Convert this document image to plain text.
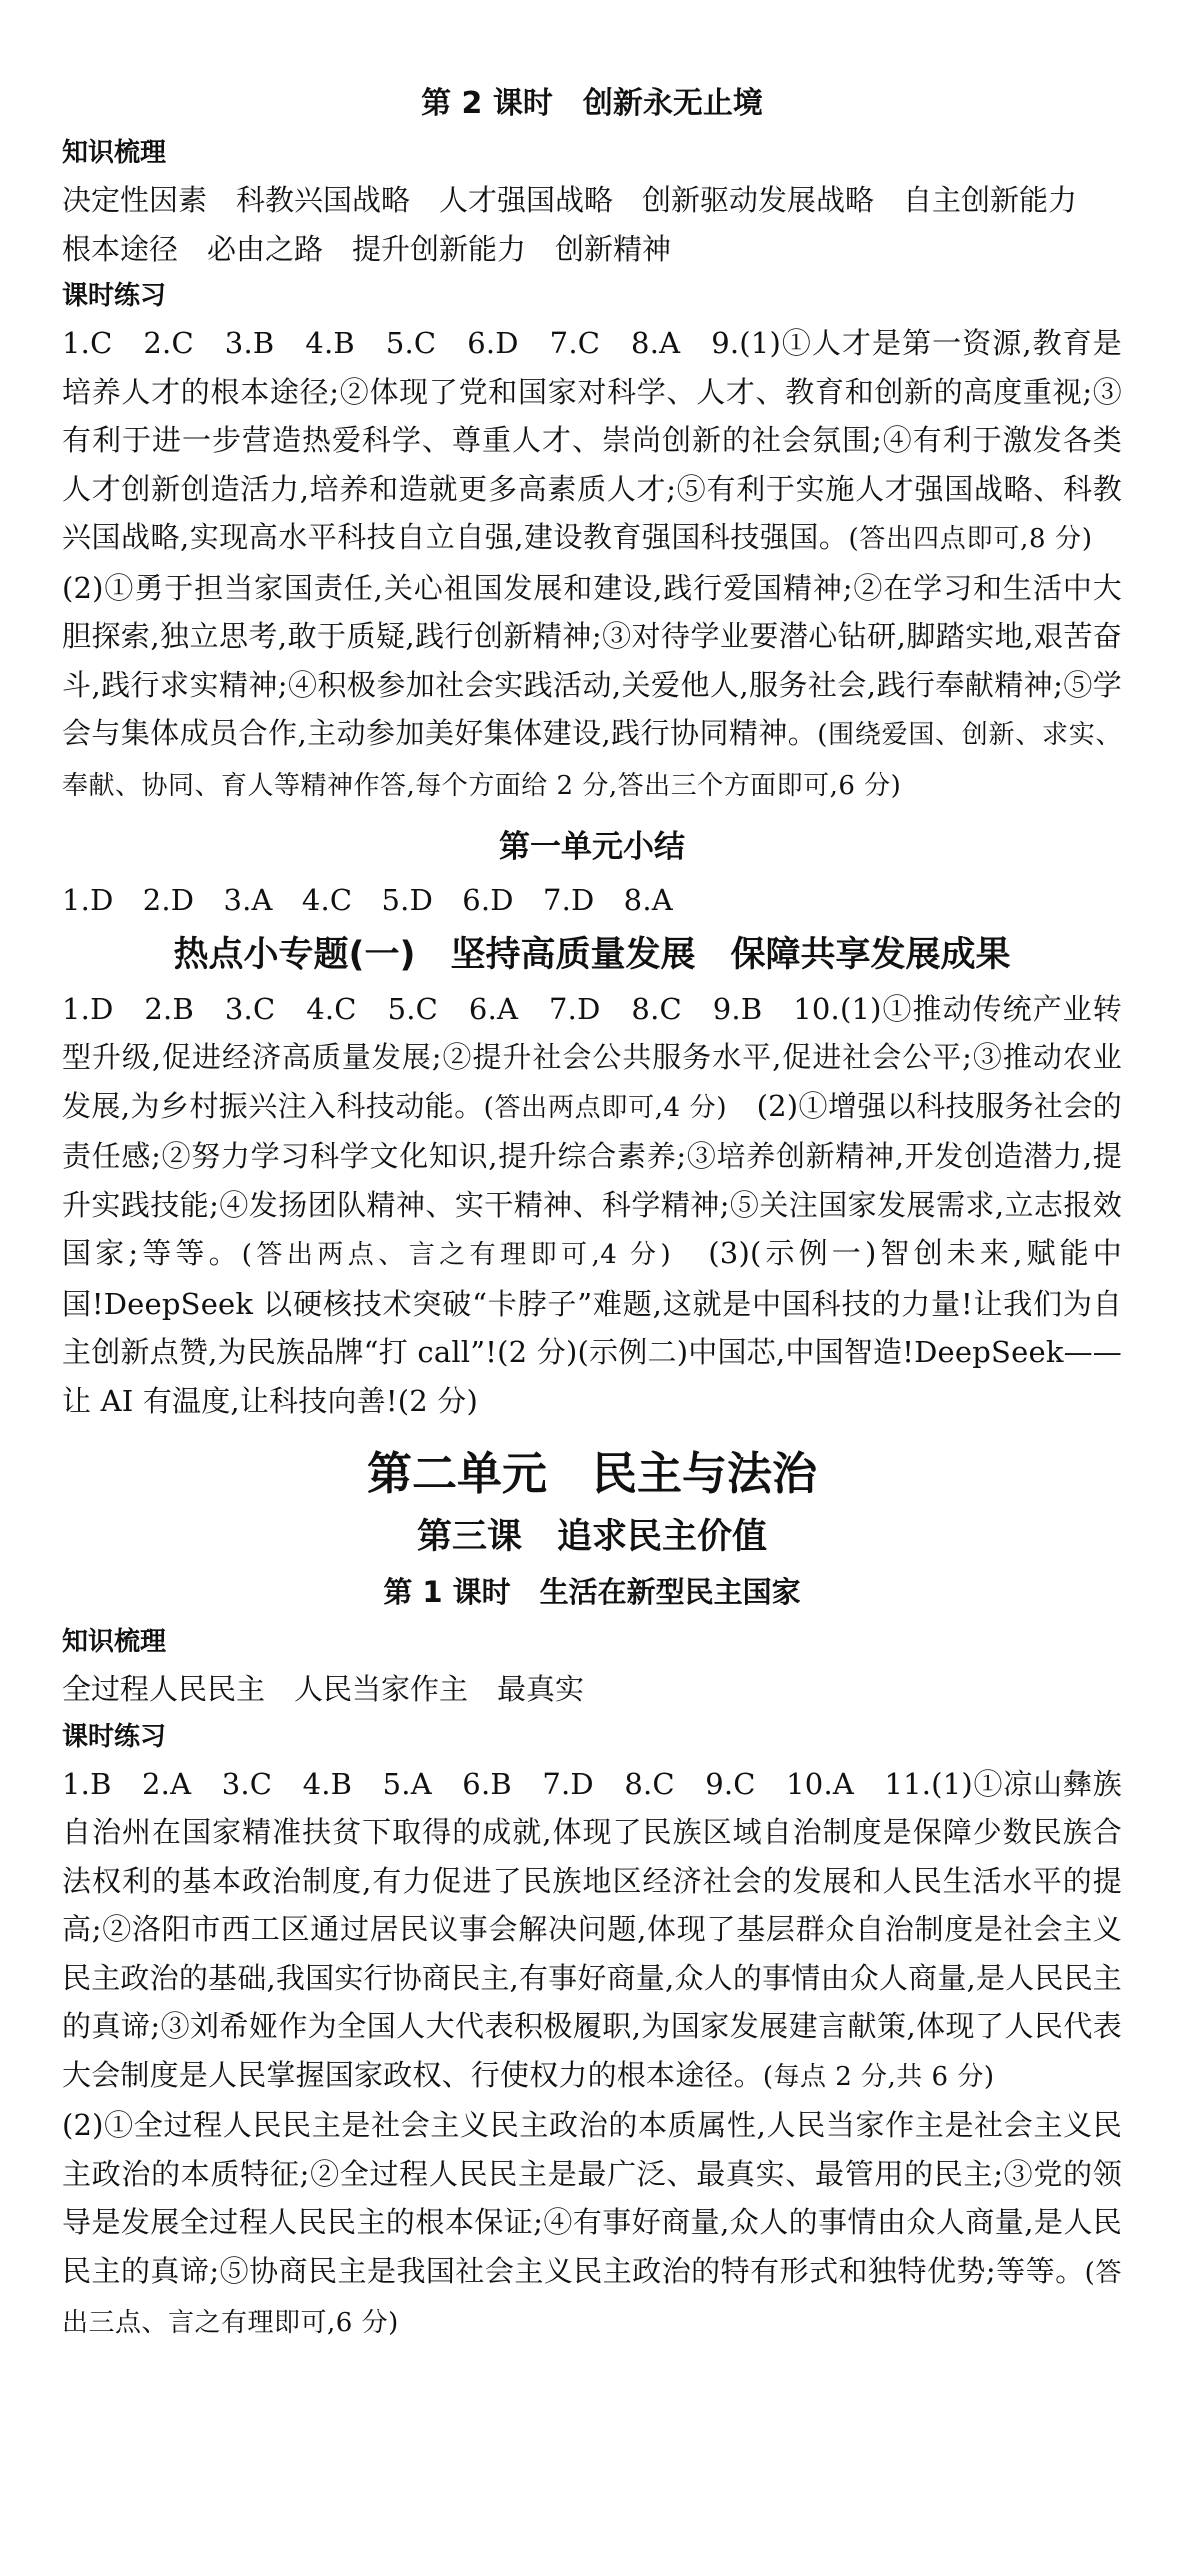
第 2 课时　创新永无止境

知识梳理

决定性因素　科教兴国战略　人才强国战略　创新驱动发展战略　自主创新能力　根本途径　必由之路　提升创新能力　创新精神

课时练习

1.C　2.C　3.B　4.B　5.C　6.D　7.C　8.A　9.(1)①人才是第一资源,教育是培养人才的根本途径;②体现了党和国家对科学、人才、教育和创新的高度重视;③有利于进一步营造热爱科学、尊重人才、崇尚创新的社会氛围;④有利于激发各类人才创新创造活力,培养和造就更多高素质人才;⑤有利于实施人才强国战略、科教兴国战略,实现高水平科技自立自强,建设教育强国科技强国。(答出四点即可,8 分)　(2)①勇于担当家国责任,关心祖国发展和建设,践行爱国精神;②在学习和生活中大胆探索,独立思考,敢于质疑,践行创新精神;③对待学业要潜心钻研,脚踏实地,艰苦奋斗,践行求实精神;④积极参加社会实践活动,关爱他人,服务社会,践行奉献精神;⑤学会与集体成员合作,主动参加美好集体建设,践行协同精神。(围绕爱国、创新、求实、奉献、协同、育人等精神作答,每个方面给 2 分,答出三个方面即可,6 分)

第一单元小结

1.D　2.D　3.A　4.C　5.D　6.D　7.D　8.A

热点小专题(一)　坚持高质量发展　保障共享发展成果

1.D　2.B　3.C　4.C　5.C　6.A　7.D　8.C　9.B　10.(1)①推动传统产业转型升级,促进经济高质量发展;②提升社会公共服务水平,促进社会公平;③推动农业发展,为乡村振兴注入科技动能。(答出两点即可,4 分)　(2)①增强以科技服务社会的责任感;②努力学习科学文化知识,提升综合素养;③培养创新精神,开发创造潜力,提升实践技能;④发扬团队精神、实干精神、科学精神;⑤关注国家发展需求,立志报效国家;等等。(答出两点、言之有理即可,4 分)　(3)(示例一)智创未来,赋能中国!DeepSeek 以硬核技术突破“卡脖子”难题,这就是中国科技的力量!让我们为自主创新点赞,为民族品牌“打 call”!(2 分)(示例二)中国芯,中国智造!DeepSeek——让 AI 有温度,让科技向善!(2 分)

第二单元　民主与法治
第三课　追求民主价值
第 1 课时　生活在新型民主国家

知识梳理

全过程人民民主　人民当家作主　最真实

课时练习

1.B　2.A　3.C　4.B　5.A　6.B　7.D　8.C　9.C　10.A　11.(1)①凉山彝族自治州在国家精准扶贫下取得的成就,体现了民族区域自治制度是保障少数民族合法权利的基本政治制度,有力促进了民族地区经济社会的发展和人民生活水平的提高;②洛阳市西工区通过居民议事会解决问题,体现了基层群众自治制度是社会主义民主政治的基础,我国实行协商民主,有事好商量,众人的事情由众人商量,是人民民主的真谛;③刘希娅作为全国人大代表积极履职,为国家发展建言献策,体现了人民代表大会制度是人民掌握国家政权、行使权力的根本途径。(每点 2 分,共 6 分)

(2)①全过程人民民主是社会主义民主政治的本质属性,人民当家作主是社会主义民主政治的本质特征;②全过程人民民主是最广泛、最真实、最管用的民主;③党的领导是发展全过程人民民主的根本保证;④有事好商量,众人的事情由众人商量,是人民民主的真谛;⑤协商民主是我国社会主义民主政治的特有形式和独特优势;等等。(答出三点、言之有理即可,6 分)
